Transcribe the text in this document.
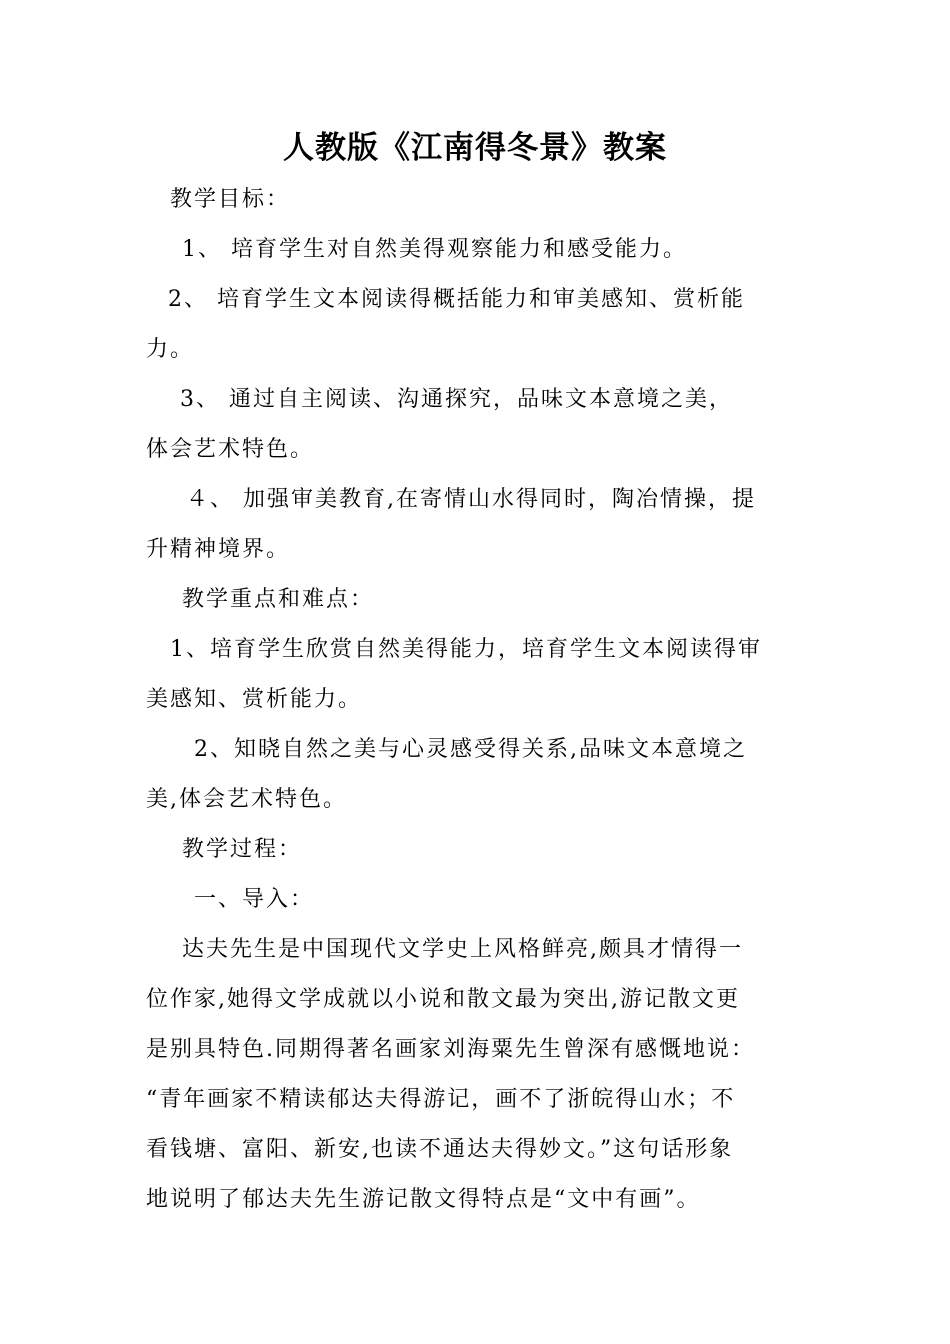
人教版《江南得冬景》教案
教学目标：
1、 培育学生对自然美得观察能力和感受能力。
2、 培育学生文本阅读得概括能力和审美感知、赏析能
力。
3、 通过自主阅读、沟通探究，品味文本意境之美，
体会艺术特色。
４、 加强审美教育,在寄情山水得同时，陶冶情操，提
升精神境界。
教学重点和难点：
1、培育学生欣赏自然美得能力，培育学生文本阅读得审
美感知、赏析能力。
2、知晓自然之美与心灵感受得关系,品味文本意境之
美,体会艺术特色。
教学过程：
一、导入：
达夫先生是中国现代文学史上风格鲜亮,颇具才情得一
位作家,她得文学成就以小说和散文最为突出,游记散文更
是别具特色.同期得著名画家刘海粟先生曾深有感慨地说：
“青年画家不精读郁达夫得游记，画不了浙皖得山水；不
看钱塘、富阳、新安,也读不通达夫得妙文。”这句话形象
地说明了郁达夫先生游记散文得特点是“文中有画”。
